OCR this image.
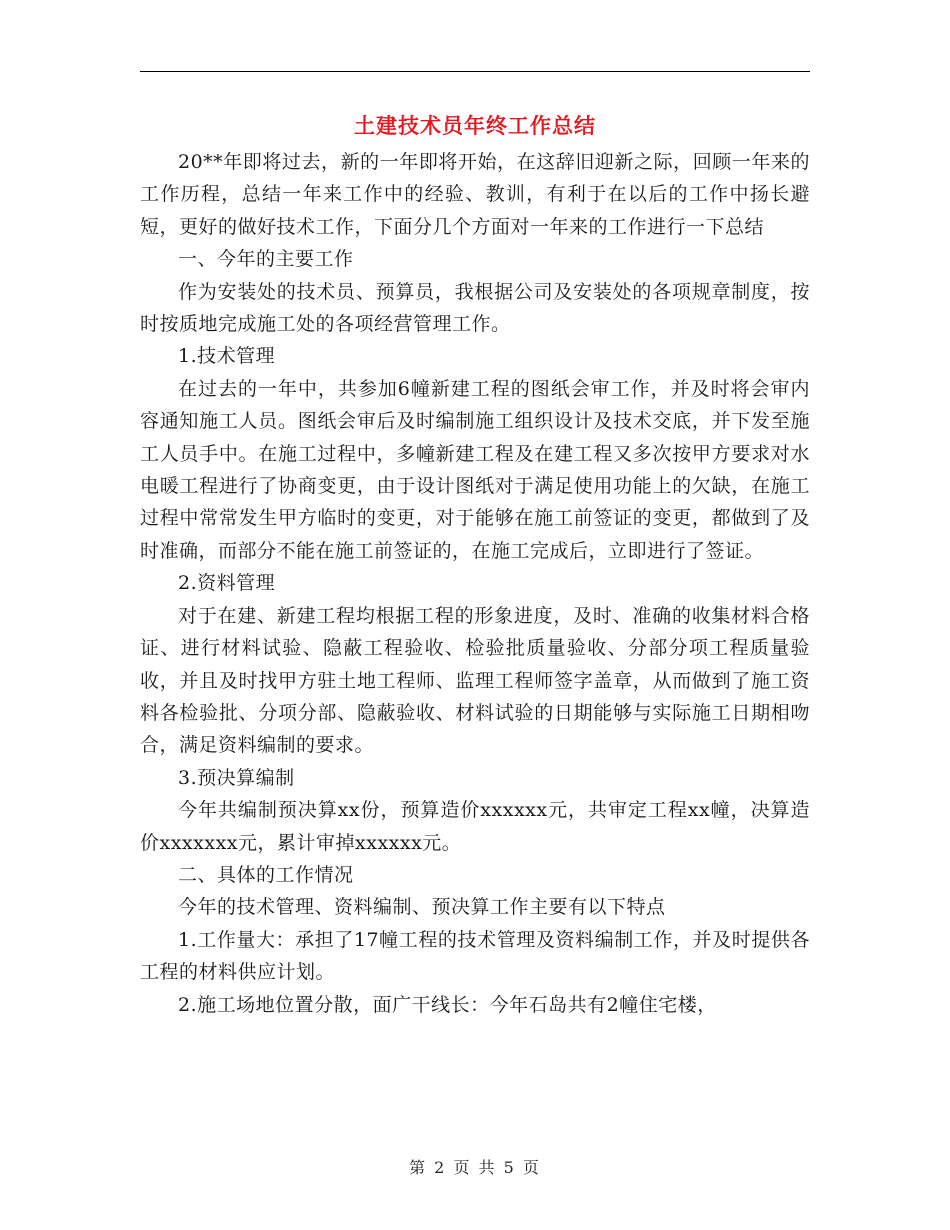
土建技术员年终工作总结

20**年即将过去，新的一年即将开始，在这辞旧迎新之际，回顾一年来的工作历程，总结一年来工作中的经验、教训，有利于在以后的工作中扬长避短，更好的做好技术工作，下面分几个方面对一年来的工作进行一下总结

一、今年的主要工作

作为安装处的技术员、预算员，我根据公司及安装处的各项规章制度，按时按质地完成施工处的各项经营管理工作。

1.技术管理

在过去的一年中，共参加6幢新建工程的图纸会审工作，并及时将会审内容通知施工人员。图纸会审后及时编制施工组织设计及技术交底，并下发至施工人员手中。在施工过程中，多幢新建工程及在建工程又多次按甲方要求对水电暖工程进行了协商变更，由于设计图纸对于满足使用功能上的欠缺，在施工过程中常常发生甲方临时的变更，对于能够在施工前签证的变更，都做到了及时准确，而部分不能在施工前签证的，在施工完成后，立即进行了签证。

2.资料管理

对于在建、新建工程均根据工程的形象进度，及时、准确的收集材料合格证、进行材料试验、隐蔽工程验收、检验批质量验收、分部分项工程质量验收，并且及时找甲方驻土地工程师、监理工程师签字盖章，从而做到了施工资料各检验批、分项分部、隐蔽验收、材料试验的日期能够与实际施工日期相吻合，满足资料编制的要求。

3.预决算编制

今年共编制预决算xx份，预算造价xxxxxx元，共审定工程xx幢，决算造价xxxxxxx元，累计审掉xxxxxx元。

二、具体的工作情况

今年的技术管理、资料编制、预决算工作主要有以下特点

1.工作量大：承担了17幢工程的技术管理及资料编制工作，并及时提供各工程的材料供应计划。

2.施工场地位置分散，面广干线长：今年石岛共有2幢住宅楼，

第 2 页 共 5 页
